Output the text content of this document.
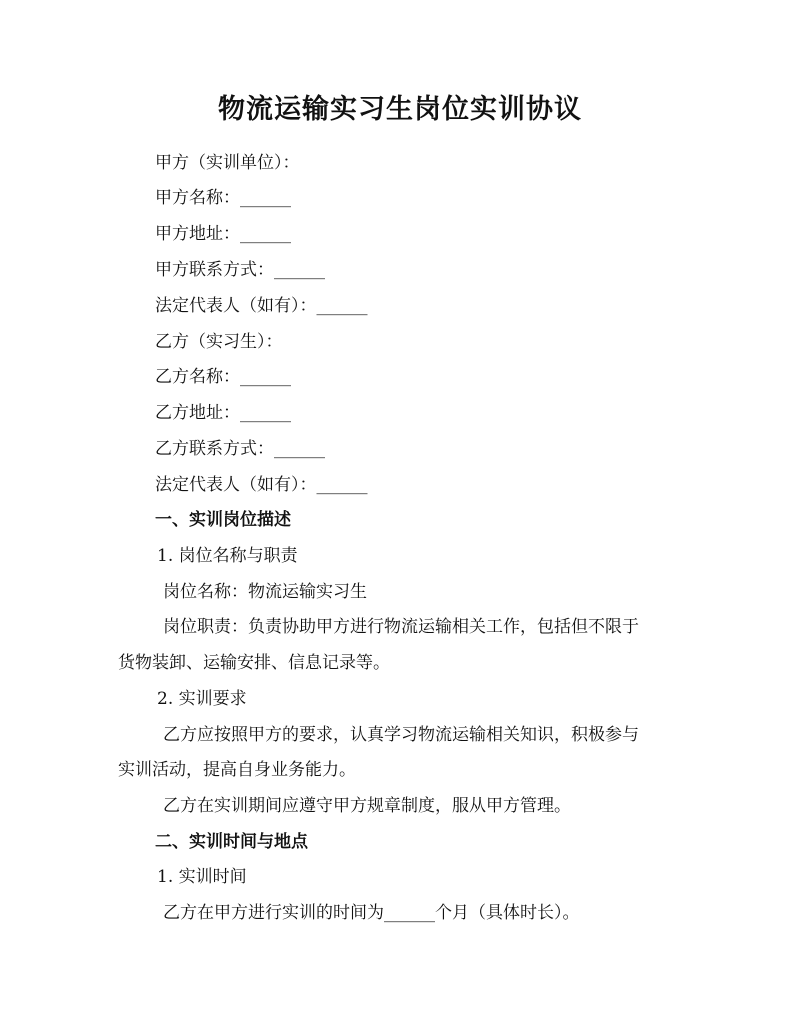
物流运输实习生岗位实训协议
甲方（实训单位）：
甲方名称：______
甲方地址：______
甲方联系方式：______
法定代表人（如有）：______
乙方（实习生）：
乙方名称：______
乙方地址：______
乙方联系方式：______
法定代表人（如有）：______
一、实训岗位描述
1. 岗位名称与职责
岗位名称：物流运输实习生
岗位职责：负责协助甲方进行物流运输相关工作，包括但不限于
货物装卸、运输安排、信息记录等。
2. 实训要求
乙方应按照甲方的要求，认真学习物流运输相关知识，积极参与
实训活动，提高自身业务能力。
乙方在实训期间应遵守甲方规章制度，服从甲方管理。
二、实训时间与地点
1. 实训时间
乙方在甲方进行实训的时间为______个月（具体时长）。
